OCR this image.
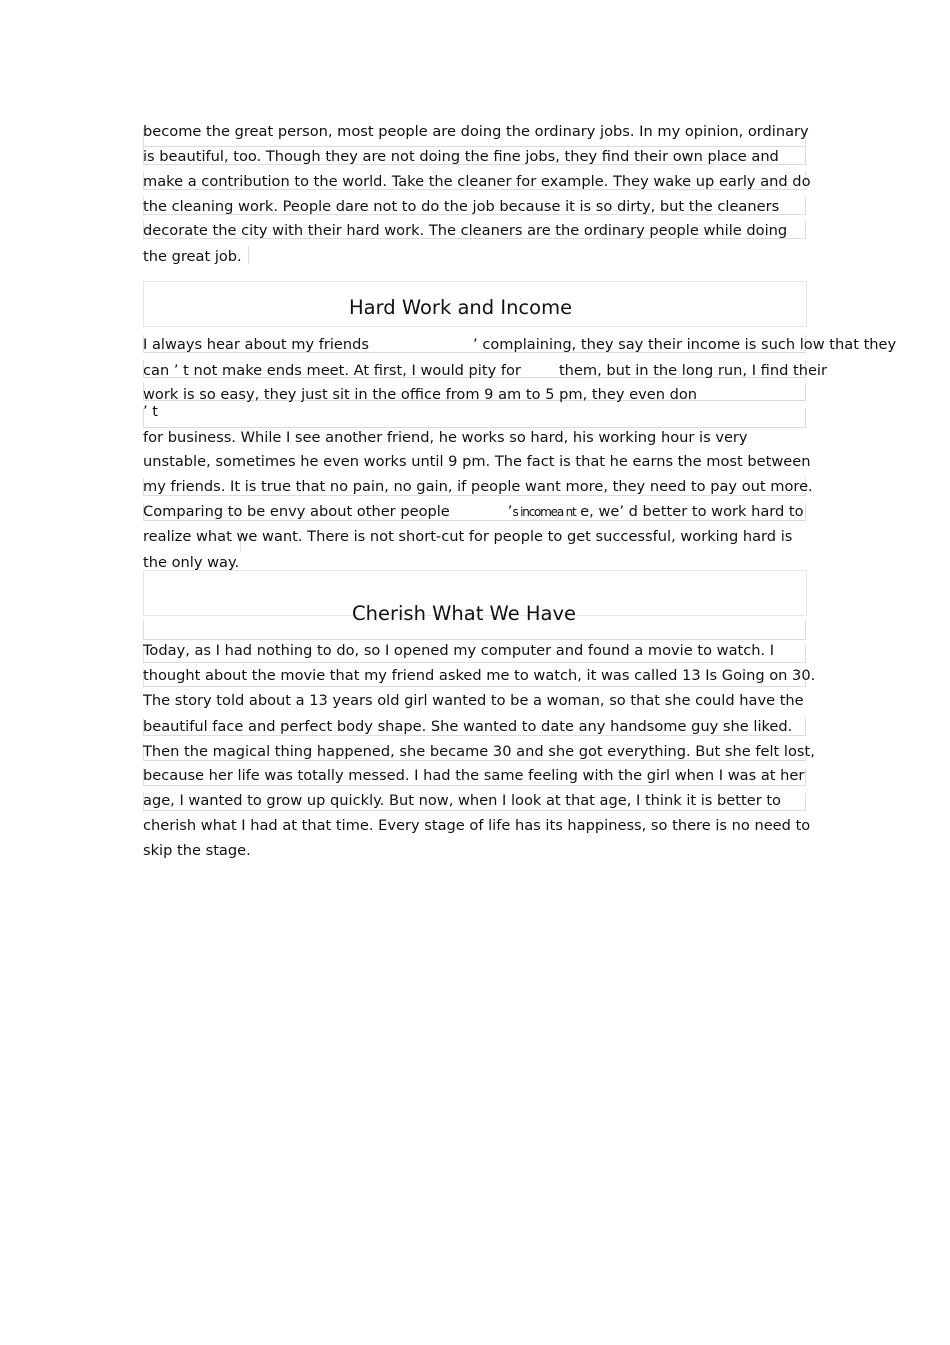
become the great person, most people are doing the ordinary jobs. In my opinion, ordinary

is beautiful, too. Though they are not doing the fine jobs, they find their own place and

make a contribution to the world. Take the cleaner for example. They wake up early and do

the cleaning work. People dare not to do the job because it is so dirty, but the cleaners

decorate the city with their hard work. The cleaners are the ordinary people while doing

the great job.

Hard Work and Income

I always hear about my friends	’ complaining, they say their income is such low that they

can ’ t not make ends meet. At first, I would pity for	them, but in the long run, I find their

work is so easy, they just sit in the office from 9 am to 5 pm, they even don

’ t

for business. While I see another friend, he works so hard, his working hour is very

unstable, sometimes he even works until 9 pm. The fact is that he earns the most between

my friends. It is true that no pain, no gain, if people want more, they need to pay out more.

Comparing to be envy about other people	’s incomea nt e, we’ d better to work hard to

realize what we want. There is not short-cut for people to get successful, working hard is

the only way.

Cherish What We Have

Today, as I had nothing to do, so I opened my computer and found a movie to watch. I

thought about the movie that my friend asked me to watch, it was called 13 Is Going on 30.

The story told about a 13 years old girl wanted to be a woman, so that she could have the

beautiful face and perfect body shape. She wanted to date any handsome guy she liked.

Then the magical thing happened, she became 30 and she got everything. But she felt lost,

because her life was totally messed. I had the same feeling with the girl when I was at her

age, I wanted to grow up quickly. But now, when I look at that age, I think it is better to

cherish what I had at that time. Every stage of life has its happiness, so there is no need to

skip the stage.
